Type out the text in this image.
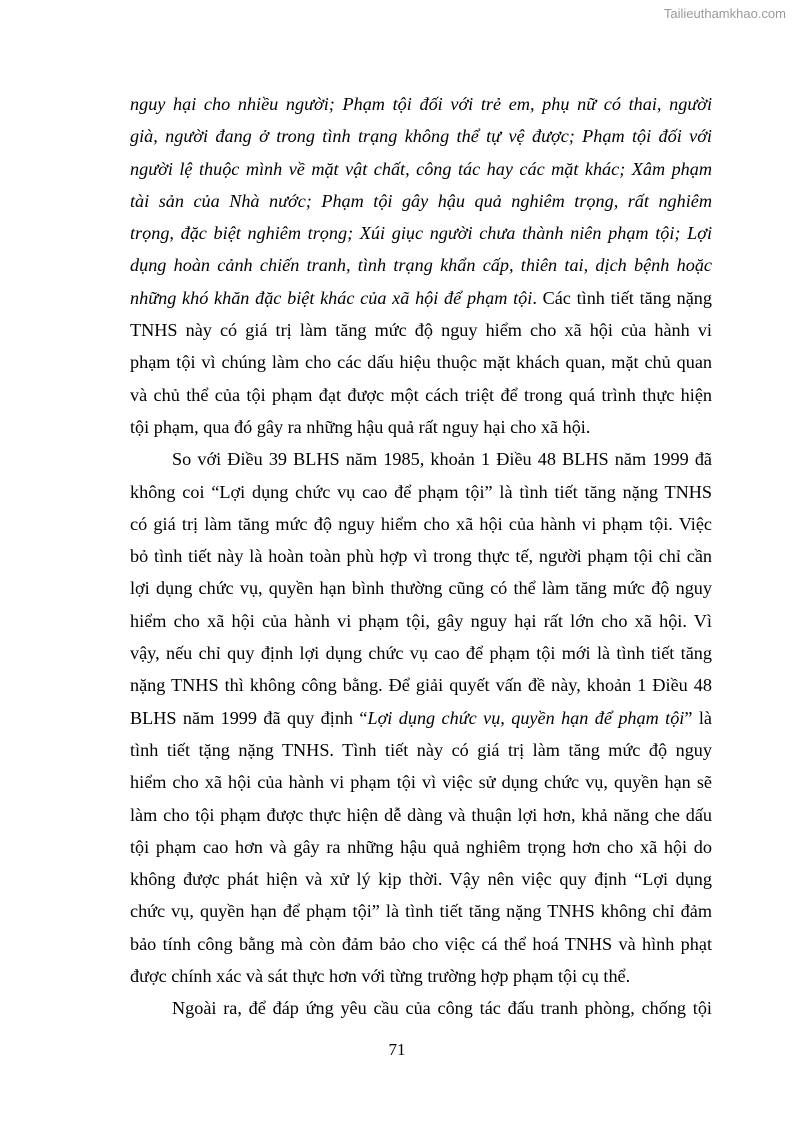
Tailieuthamkhao.com
nguy hại cho nhiều người; Phạm tội đối với trẻ em, phụ nữ có thai, người
già, người đang ở trong tình trạng không thể tự vệ được; Phạm tội đối với
người lệ thuộc mình về mặt vật chất, công tác hay các mặt khác; Xâm phạm
tài sản của Nhà nước; Phạm tội gây hậu quả nghiêm trọng, rất nghiêm
trọng, đặc biệt nghiêm trọng; Xúi giục người chưa thành niên phạm tội; Lợi
dụng hoàn cảnh chiến tranh, tình trạng khẩn cấp, thiên tai, dịch bệnh hoặc
những khó khăn đặc biệt khác của xã hội để phạm tội. Các tình tiết tăng nặng
TNHS này có giá trị làm tăng mức độ nguy hiểm cho xã hội của hành vi
phạm tội vì chúng làm cho các dấu hiệu thuộc mặt khách quan, mặt chủ quan
và chủ thể của tội phạm đạt được một cách triệt để trong quá trình thực hiện
tội phạm, qua đó gây ra những hậu quả rất nguy hại cho xã hội.
So với Điều 39 BLHS năm 1985, khoản 1 Điều 48 BLHS năm 1999 đã
không coi “Lợi dụng chức vụ cao để phạm tội” là tình tiết tăng nặng TNHS
có giá trị làm tăng mức độ nguy hiểm cho xã hội của hành vi phạm tội. Việc
bỏ tình tiết này là hoàn toàn phù hợp vì trong thực tế, người phạm tội chỉ cần
lợi dụng chức vụ, quyền hạn bình thường cũng có thể làm tăng mức độ nguy
hiểm cho xã hội của hành vi phạm tội, gây nguy hại rất lớn cho xã hội. Vì
vậy, nếu chỉ quy định lợi dụng chức vụ cao để phạm tội mới là tình tiết tăng
nặng TNHS thì không công bằng. Để giải quyết vấn đề này, khoản 1 Điều 48
BLHS năm 1999 đã quy định “Lợi dụng chức vụ, quyền hạn để phạm tội” là
tình tiết tặng nặng TNHS. Tình tiết này có giá trị làm tăng mức độ nguy
hiểm cho xã hội của hành vi phạm tội vì việc sử dụng chức vụ, quyền hạn sẽ
làm cho tội phạm được thực hiện dễ dàng và thuận lợi hơn, khả năng che dấu
tội phạm cao hơn và gây ra những hậu quả nghiêm trọng hơn cho xã hội do
không được phát hiện và xử lý kịp thời. Vậy nên việc quy định “Lợi dụng
chức vụ, quyền hạn để phạm tội” là tình tiết tăng nặng TNHS không chỉ đảm
bảo tính công bằng mà còn đảm bảo cho việc cá thể hoá TNHS và hình phạt
được chính xác và sát thực hơn với từng trường hợp phạm tội cụ thể.
Ngoài ra, để đáp ứng yêu cầu của công tác đấu tranh phòng, chống tội
71
